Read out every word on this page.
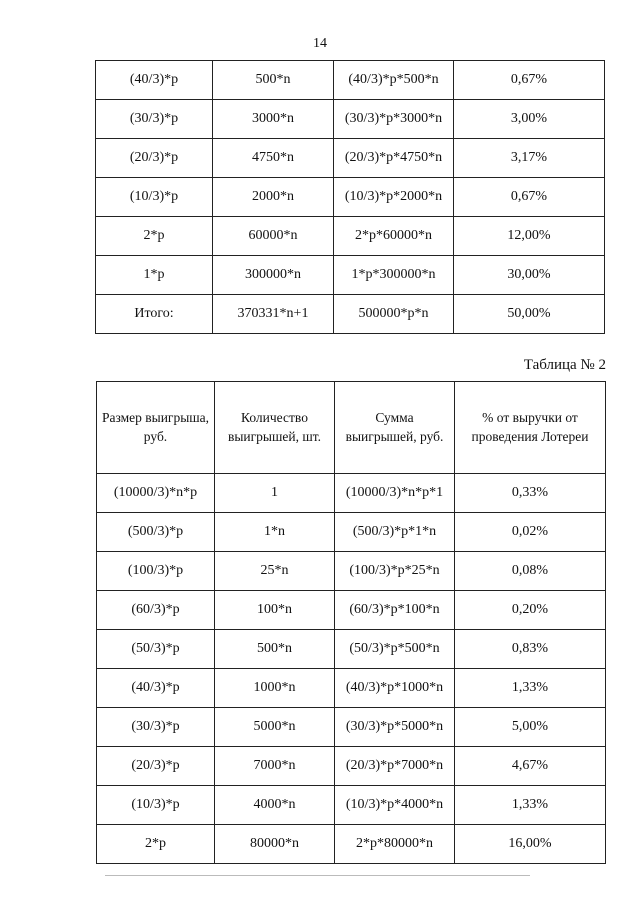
14
(40/3)*p	500*n	(40/3)*p*500*n	0,67%
(30/3)*p	3000*n	(30/3)*p*3000*n	3,00%
(20/3)*p	4750*n	(20/3)*p*4750*n	3,17%
(10/3)*p	2000*n	(10/3)*p*2000*n	0,67%
2*p	60000*n	2*p*60000*n	12,00%
1*p	300000*n	1*p*300000*n	30,00%
Итого:	370331*n+1	500000*p*n	50,00%
Таблица № 2
Размер выигрыша, руб.	Количество выигрышей, шт.	Сумма выигрышей, руб.	% от выручки от проведения Лотереи
(10000/3)*n*p	1	(10000/3)*n*p*1	0,33%
(500/3)*p	1*n	(500/3)*p*1*n	0,02%
(100/3)*p	25*n	(100/3)*p*25*n	0,08%
(60/3)*p	100*n	(60/3)*p*100*n	0,20%
(50/3)*p	500*n	(50/3)*p*500*n	0,83%
(40/3)*p	1000*n	(40/3)*p*1000*n	1,33%
(30/3)*p	5000*n	(30/3)*p*5000*n	5,00%
(20/3)*p	7000*n	(20/3)*p*7000*n	4,67%
(10/3)*p	4000*n	(10/3)*p*4000*n	1,33%
2*p	80000*n	2*p*80000*n	16,00%
